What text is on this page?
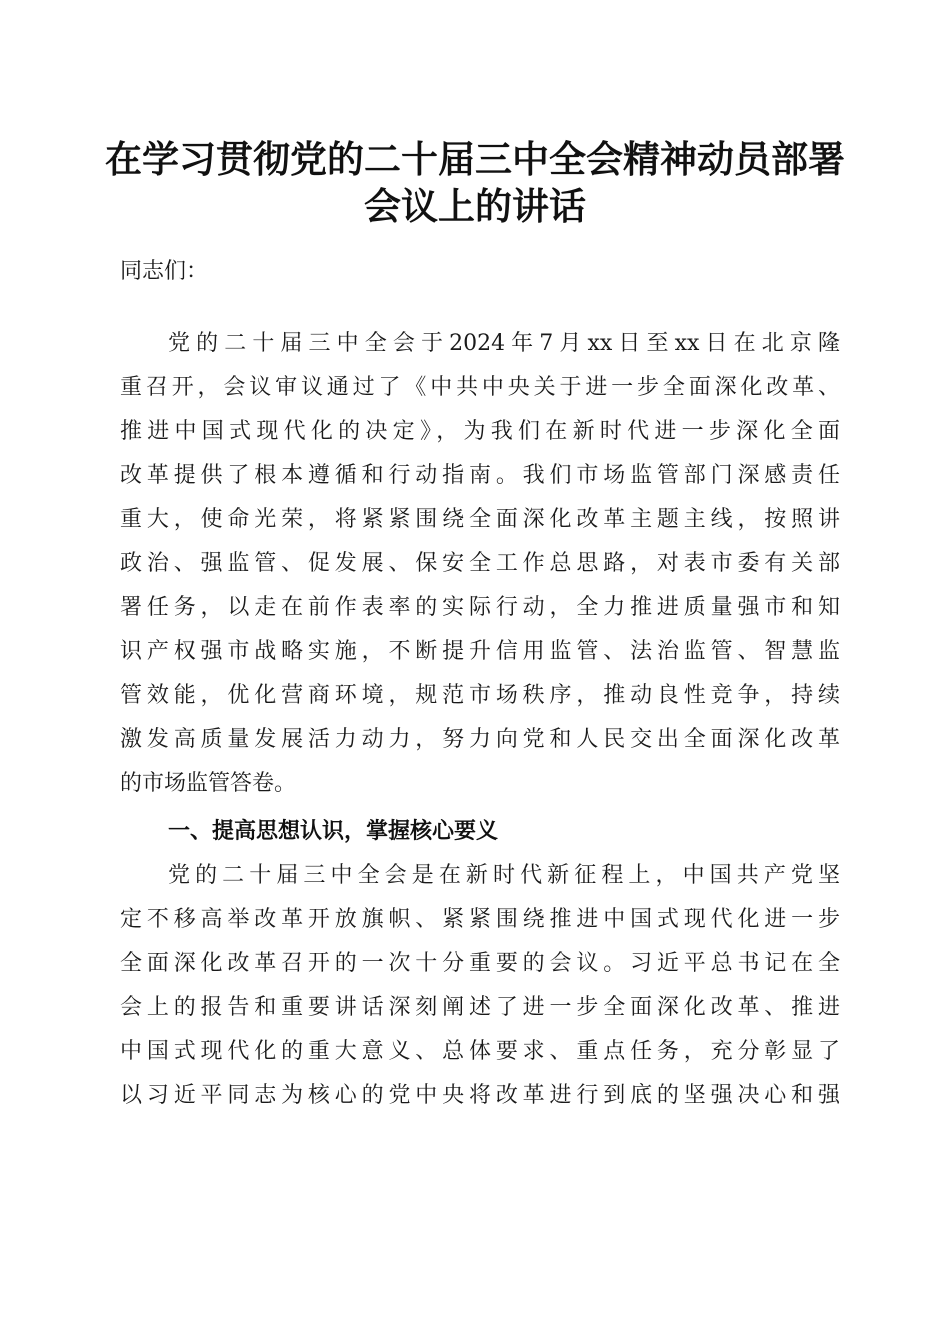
在学习贯彻党的二十届三中全会精神动员部署
会议上的讲话
同志们：
党的二十届三中全会于2024年7月xx日至xx日在北京隆
重召开，会议审议通过了《中共中央关于进一步全面深化改革、
推进中国式现代化的决定》，为我们在新时代进一步深化全面
改革提供了根本遵循和行动指南。我们市场监管部门深感责任
重大，使命光荣，将紧紧围绕全面深化改革主题主线，按照讲
政治、强监管、促发展、保安全工作总思路，对表市委有关部
署任务，以走在前作表率的实际行动，全力推进质量强市和知
识产权强市战略实施，不断提升信用监管、法治监管、智慧监
管效能，优化营商环境，规范市场秩序，推动良性竞争，持续
激发高质量发展活力动力，努力向党和人民交出全面深化改革
的市场监管答卷。
一、提高思想认识，掌握核心要义
党的二十届三中全会是在新时代新征程上，中国共产党坚
定不移高举改革开放旗帜、紧紧围绕推进中国式现代化进一步
全面深化改革召开的一次十分重要的会议。习近平总书记在全
会上的报告和重要讲话深刻阐述了进一步全面深化改革、推进
中国式现代化的重大意义、总体要求、重点任务，充分彰显了
以习近平同志为核心的党中央将改革进行到底的坚强决心和强
